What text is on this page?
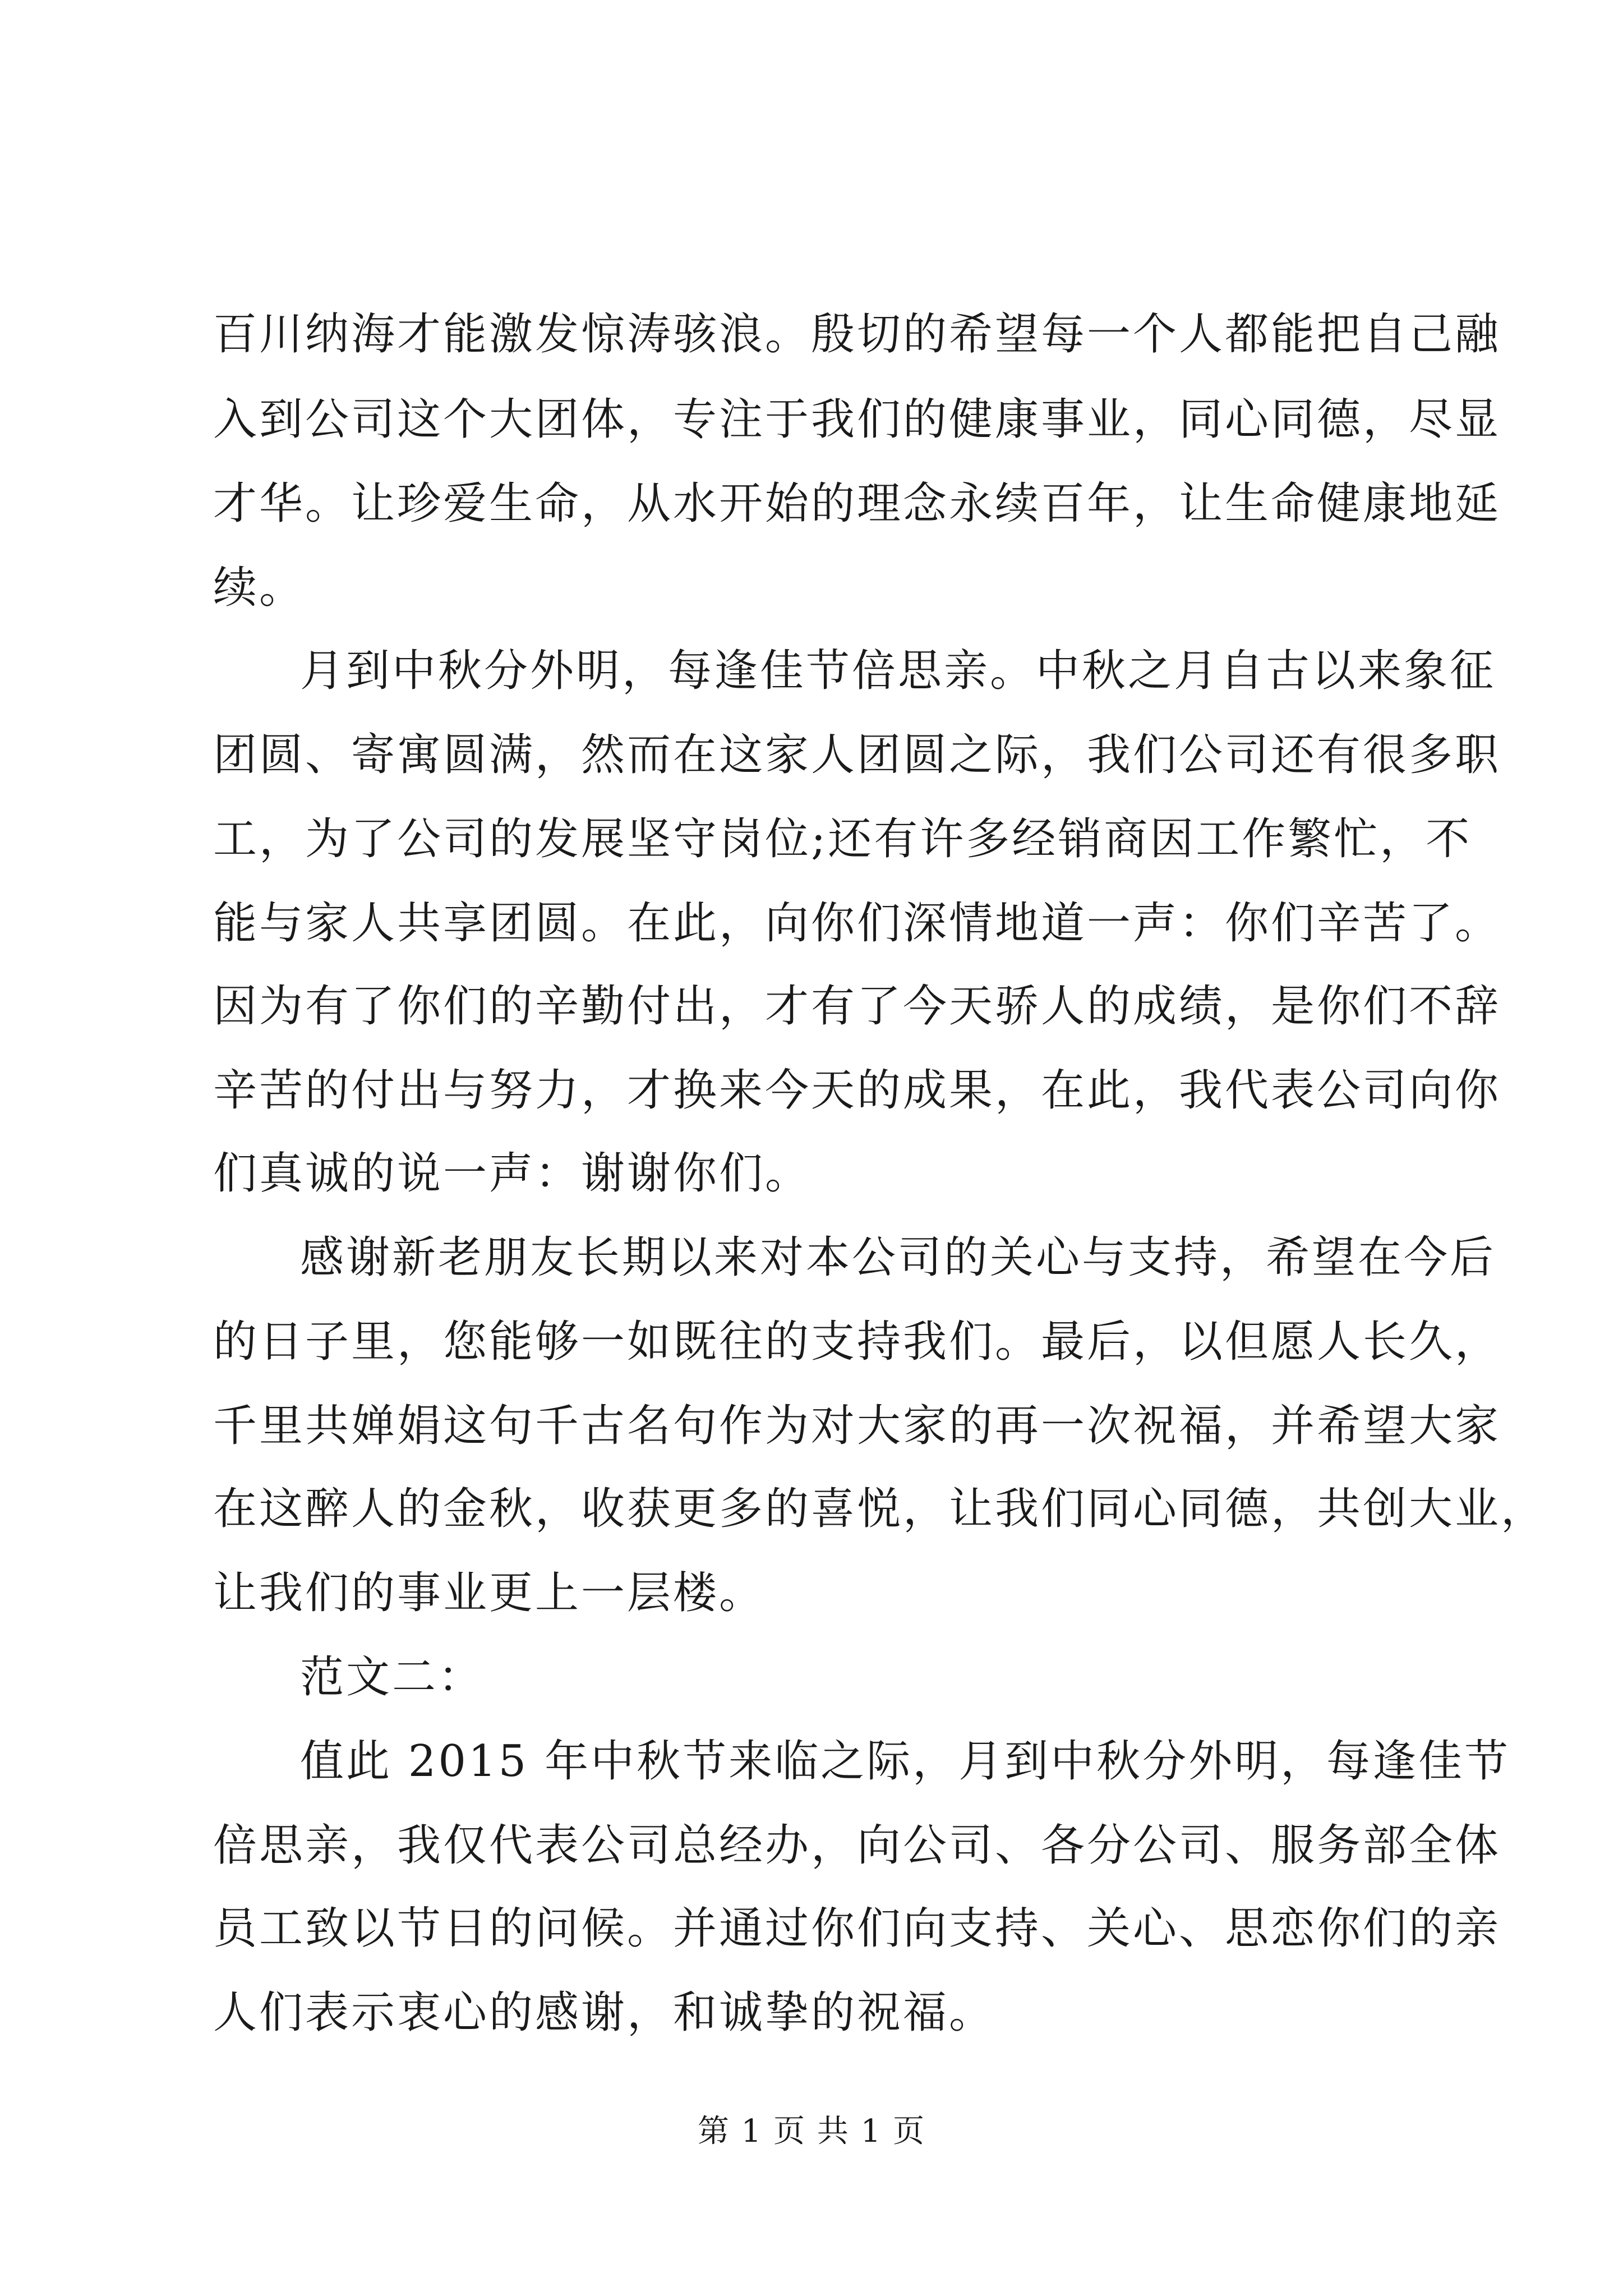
百川纳海才能激发惊涛骇浪。殷切的希望每一个人都能把自己融
入到公司这个大团体，专注于我们的健康事业，同心同德，尽显
才华。让珍爱生命，从水开始的理念永续百年，让生命健康地延
续。
月到中秋分外明，每逢佳节倍思亲。中秋之月自古以来象征
团圆、寄寓圆满，然而在这家人团圆之际，我们公司还有很多职
工，为了公司的发展坚守岗位;还有许多经销商因工作繁忙，不
能与家人共享团圆。在此，向你们深情地道一声：你们辛苦了。
因为有了你们的辛勤付出，才有了今天骄人的成绩，是你们不辞
辛苦的付出与努力，才换来今天的成果，在此，我代表公司向你
们真诚的说一声：谢谢你们。
感谢新老朋友长期以来对本公司的关心与支持，希望在今后
的日子里，您能够一如既往的支持我们。最后，以但愿人长久，
千里共婵娟这句千古名句作为对大家的再一次祝福，并希望大家
在这醉人的金秋，收获更多的喜悦，让我们同心同德，共创大业，
让我们的事业更上一层楼。
范文二：
值此 2015 年中秋节来临之际，月到中秋分外明，每逢佳节
倍思亲，我仅代表公司总经办，向公司、各分公司、服务部全体
员工致以节日的问候。并通过你们向支持、关心、思恋你们的亲
人们表示衷心的感谢，和诚挚的祝福。
第 1 页 共 1 页
